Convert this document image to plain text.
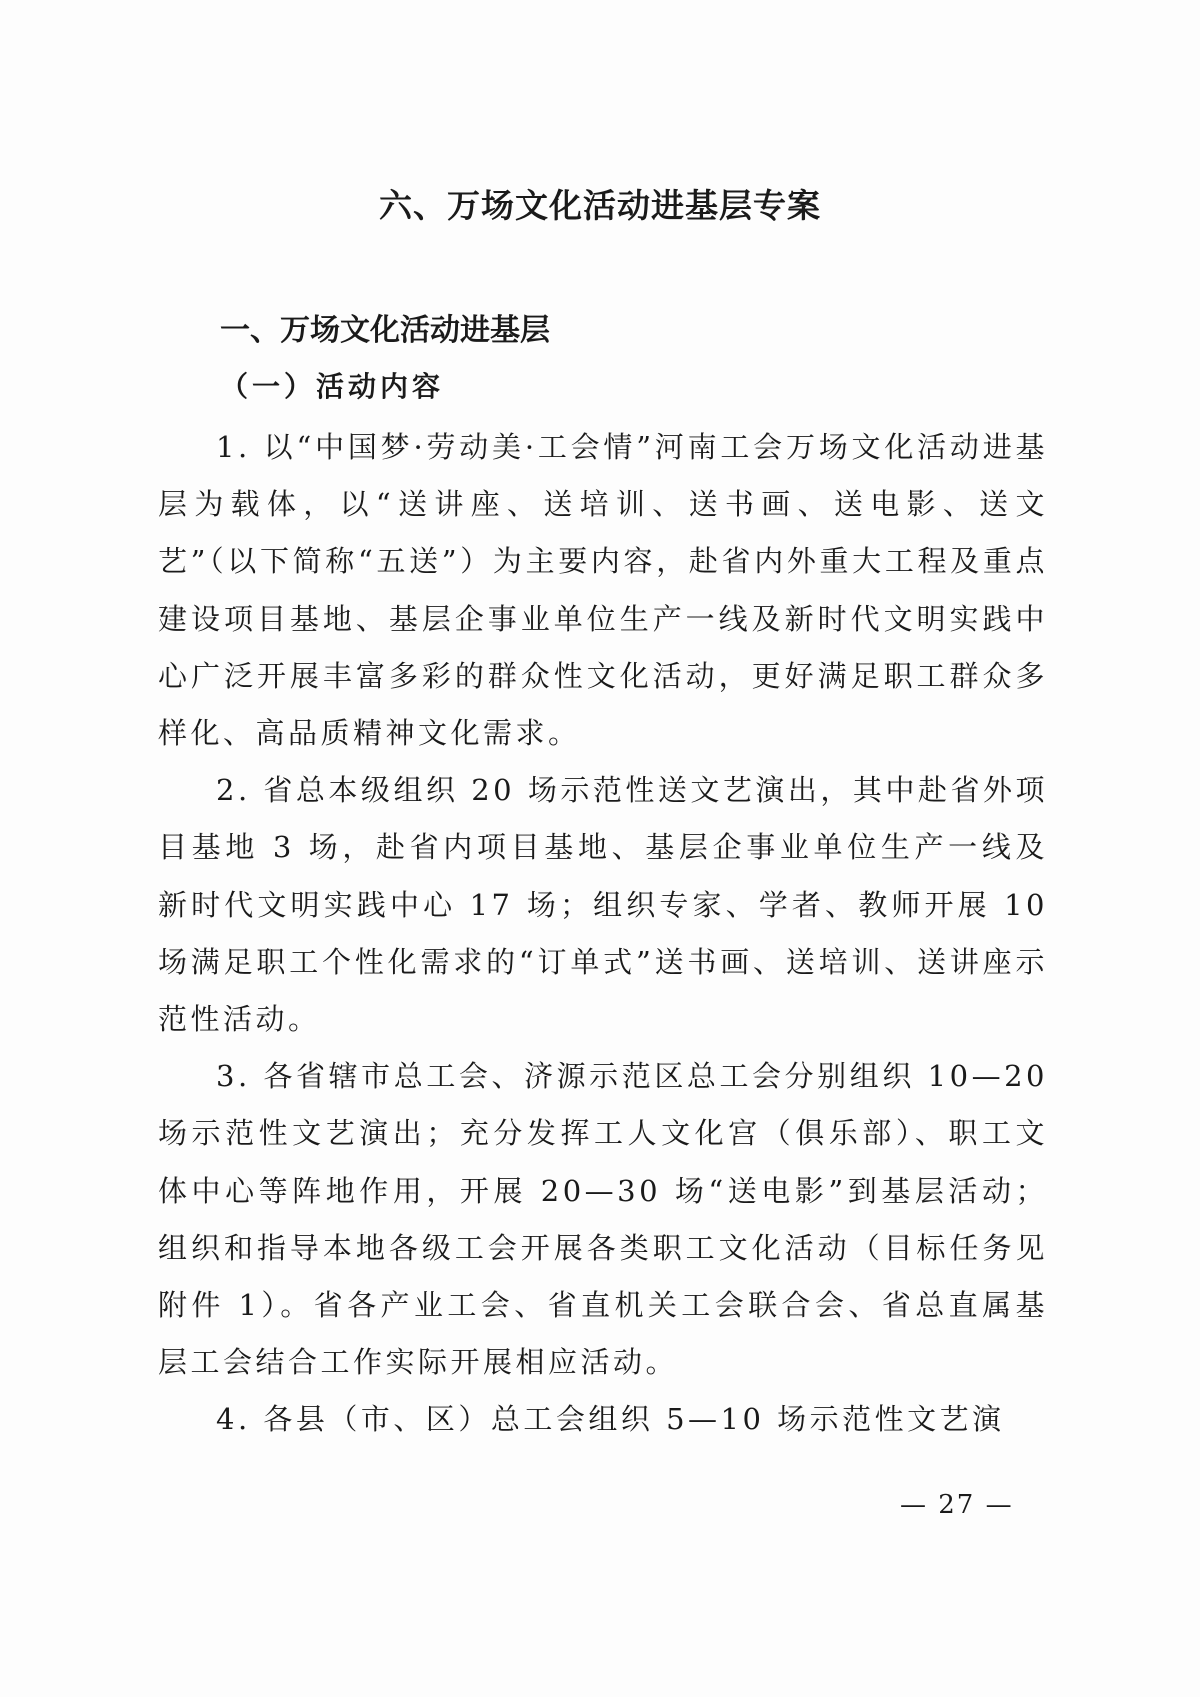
六、万场文化活动进基层专案
一、万场文化活动进基层
（一）活动内容

1. 以“中国梦·劳动美·工会情”河南工会万场文化活动进基层为载体，以“送讲座、送培训、送书画、送电影、送文艺”（以下简称“五送”）为主要内容，赴省内外重大工程及重点建设项目基地、基层企事业单位生产一线及新时代文明实践中心广泛开展丰富多彩的群众性文化活动，更好满足职工群众多样化、高品质精神文化需求。

2. 省总本级组织 20 场示范性送文艺演出，其中赴省外项目基地 3 场，赴省内项目基地、基层企事业单位生产一线及新时代文明实践中心 17 场；组织专家、学者、教师开展 10 场满足职工个性化需求的“订单式”送书画、送培训、送讲座示范性活动。

3. 各省辖市总工会、济源示范区总工会分别组织 10—20 场示范性文艺演出；充分发挥工人文化宫（俱乐部）、职工文体中心等阵地作用，开展 20—30 场“送电影”到基层活动；组织和指导本地各级工会开展各类职工文化活动（目标任务见附件 1）。省各产业工会、省直机关工会联合会、省总直属基层工会结合工作实际开展相应活动。

4. 各县（市、区）总工会组织 5—10 场示范性文艺演

— 27 —
